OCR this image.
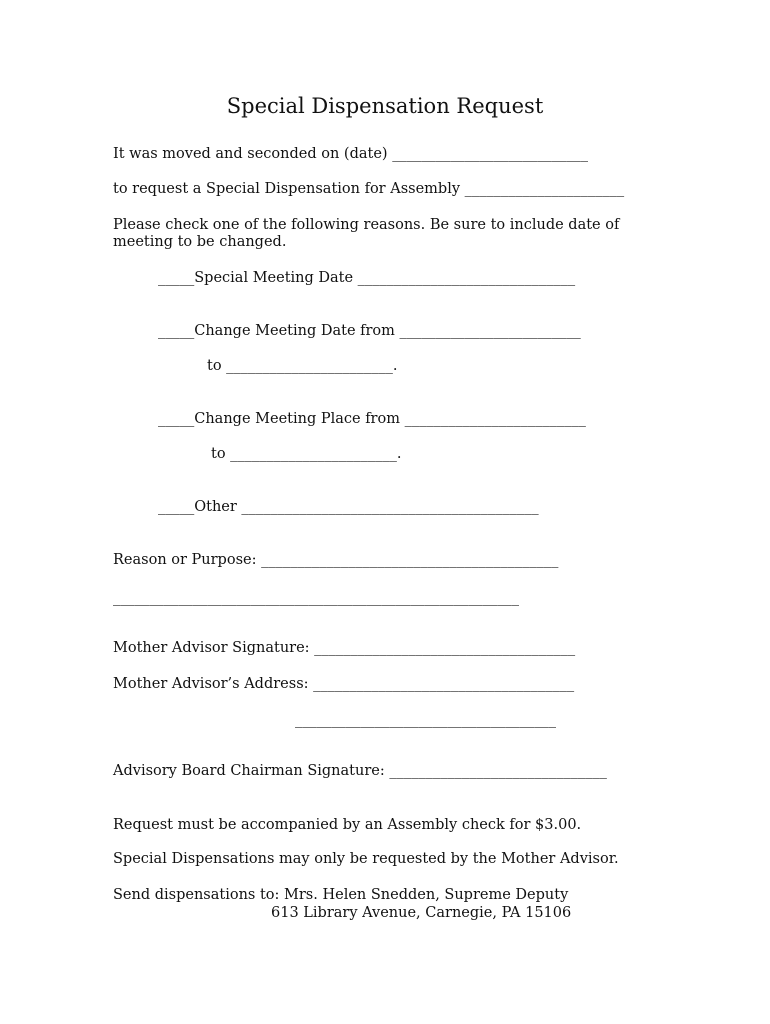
Special Dispensation Request
It was moved and seconded on (date) ___________________________
to request a Special Dispensation for Assembly ______________________
Please check one of the following reasons. Be sure to include date of meeting to be changed.
_____Special Meeting Date ______________________________
_____Change Meeting Date from _________________________
to _______________________.
_____Change Meeting Place from _________________________
to _______________________.
_____Other _________________________________________
Reason or Purpose: _________________________________________
________________________________________________________
Mother Advisor Signature: ____________________________________
Mother Advisor’s Address: ____________________________________
____________________________________
Advisory Board Chairman Signature: ______________________________
Request must be accompanied by an Assembly check for $3.00.
Special Dispensations may only be requested by the Mother Advisor.
Send dispensations to: Mrs. Helen Snedden, Supreme Deputy
613 Library Avenue, Carnegie, PA 15106
